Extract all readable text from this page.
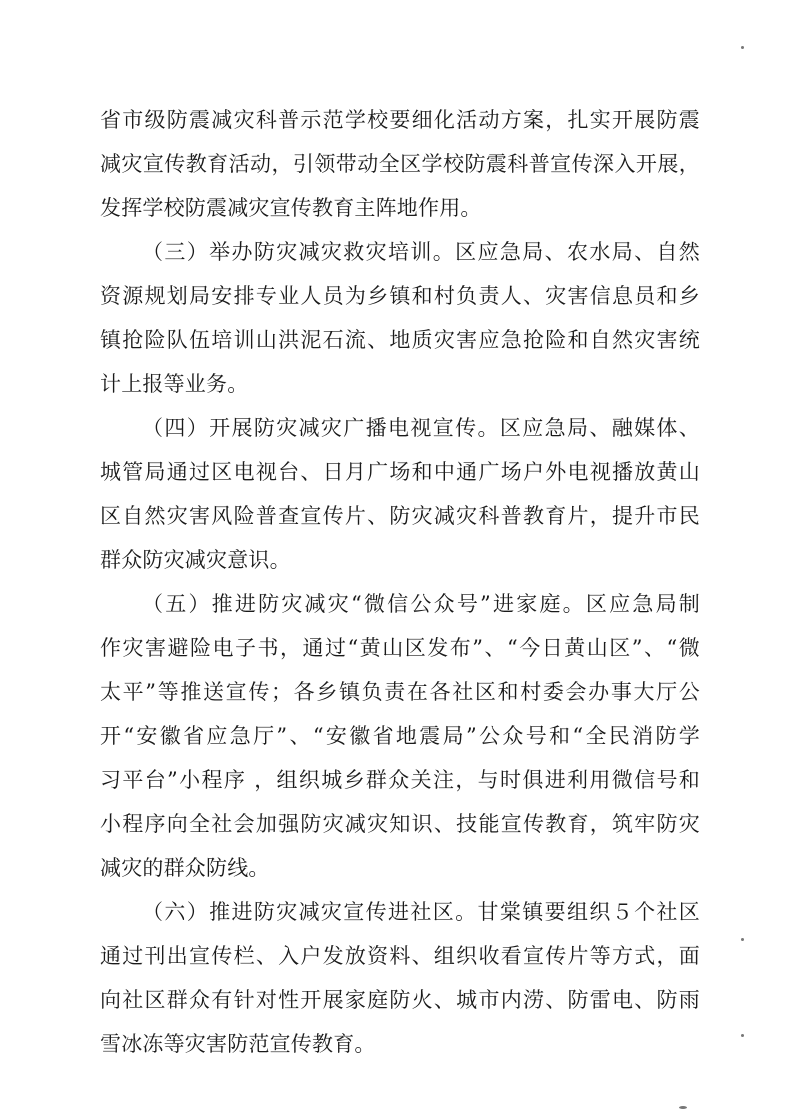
省市级防震减灾科普示范学校要细化活动方案，扎实开展防震
减灾宣传教育活动，引领带动全区学校防震科普宣传深入开展，
发挥学校防震减灾宣传教育主阵地作用。
（三）举办防灾减灾救灾培训。区应急局、农水局、自然
资源规划局安排专业人员为乡镇和村负责人、灾害信息员和乡
镇抢险队伍培训山洪泥石流、地质灾害应急抢险和自然灾害统
计上报等业务。
（四）开展防灾减灾广播电视宣传。区应急局、融媒体、
城管局通过区电视台、日月广场和中通广场户外电视播放黄山
区自然灾害风险普查宣传片、防灾减灾科普教育片，提升市民
群众防灾减灾意识。
（五）推进防灾减灾“微信公众号”进家庭。区应急局制
作灾害避险电子书，通过“黄山区发布”、“今日黄山区”、“微
太平”等推送宣传；各乡镇负责在各社区和村委会办事大厅公
开“安徽省应急厅”、“安徽省地震局”公众号和“全民消防学
习平台”小程序 ，组织城乡群众关注，与时俱进利用微信号和
小程序向全社会加强防灾减灾知识、技能宣传教育，筑牢防灾
减灾的群众防线。
（六）推进防灾减灾宣传进社区。甘棠镇要组织５个社区
通过刊出宣传栏、入户发放资料、组织收看宣传片等方式，面
向社区群众有针对性开展家庭防火、城市内涝、防雷电、防雨
雪冰冻等灾害防范宣传教育。
